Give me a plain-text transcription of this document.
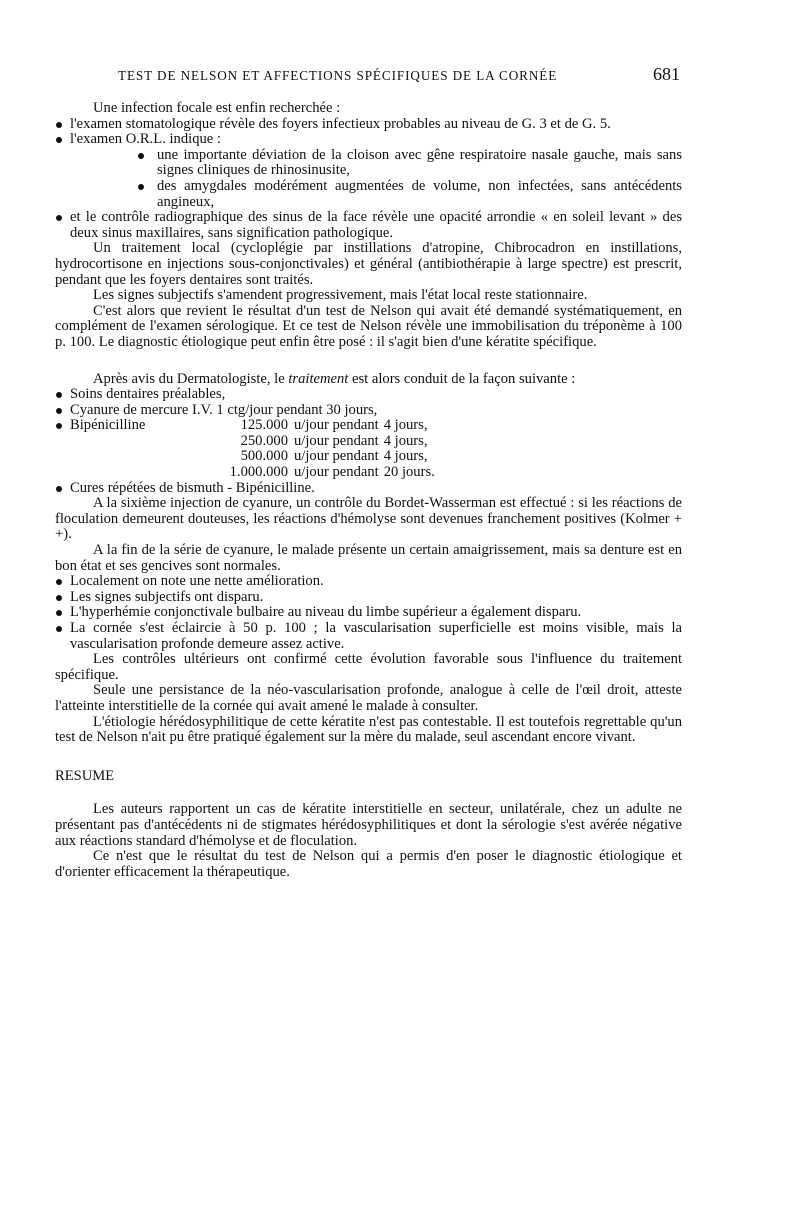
TEST DE NELSON ET AFFECTIONS SPÉCIFIQUES DE LA CORNÉE	681

Une infection focale est enfin recherchée :

l'examen stomatologique révèle des foyers infectieux probables au niveau de G. 3 et de G. 5.

l'examen O.R.L. indique :

une importante déviation de la cloison avec gêne respiratoire nasale gauche, mais sans signes cliniques de rhinosinusite,

des amygdales modérément augmentées de volume, non infectées, sans antécédents angineux,

et le contrôle radiographique des sinus de la face révèle une opacité arrondie « en soleil levant » des deux sinus maxillaires, sans signification pathologique.

Un traitement local (cycloplégie par instillations d'atropine, Chibrocadron en instillations, hydrocortisone en injections sous-conjonctivales) et général (antibiothérapie à large spectre) est prescrit, pendant que les foyers dentaires sont traités.

Les signes subjectifs s'amendent progressivement, mais l'état local reste stationnaire.

C'est alors que revient le résultat d'un test de Nelson qui avait été demandé systématiquement, en complément de l'examen sérologique. Et ce test de Nelson révèle une immobilisation du tréponème à 100 p. 100. Le diagnostic étiologique peut enfin être posé : il s'agit bien d'une kératite spécifique.

Après avis du Dermatologiste, le traitement est alors conduit de la façon suivante :

Soins dentaires préalables,

Cyanure de mercure I.V. 1 ctg/jour pendant 30 jours,

Bipénicilline	125.000 u/jour pendant 4 jours,

250.000 u/jour pendant 4 jours,
500.000 u/jour pendant 4 jours,
1.000.000 u/jour pendant 20 jours.

Cures répétées de bismuth - Bipénicilline.

A la sixième injection de cyanure, un contrôle du Bordet-Wasserman est effectué : si les réactions de floculation demeurent douteuses, les réactions d'hémolyse sont devenues franchement positives (Kolmer + +).

A la fin de la série de cyanure, le malade présente un certain amaigrissement, mais sa denture est en bon état et ses gencives sont normales.

Localement on note une nette amélioration.

Les signes subjectifs ont disparu.

L'hyperhémie conjonctivale bulbaire au niveau du limbe supérieur a également disparu.

La cornée s'est éclaircie à 50 p. 100 ; la vascularisation superficielle est moins visible, mais la vascularisation profonde demeure assez active.

Les contrôles ultérieurs ont confirmé cette évolution favorable sous l'influence du traitement spécifique.

Seule une persistance de la néo-vascularisation profonde, analogue à celle de l'œil droit, atteste l'atteinte interstitielle de la cornée qui avait amené le malade à consulter.

L'étiologie hérédosyphilitique de cette kératite n'est pas contestable. Il est toutefois regrettable qu'un test de Nelson n'ait pu être pratiqué également sur la mère du malade, seul ascendant encore vivant.

RESUME

Les auteurs rapportent un cas de kératite interstitielle en secteur, unilatérale, chez un adulte ne présentant pas d'antécédents ni de stigmates hérédosyphilitiques et dont la sérologie s'est avérée négative aux réactions standard d'hémolyse et de floculation.

Ce n'est que le résultat du test de Nelson qui a permis d'en poser le diagnostic étiologique et d'orienter efficacement la thérapeutique.
